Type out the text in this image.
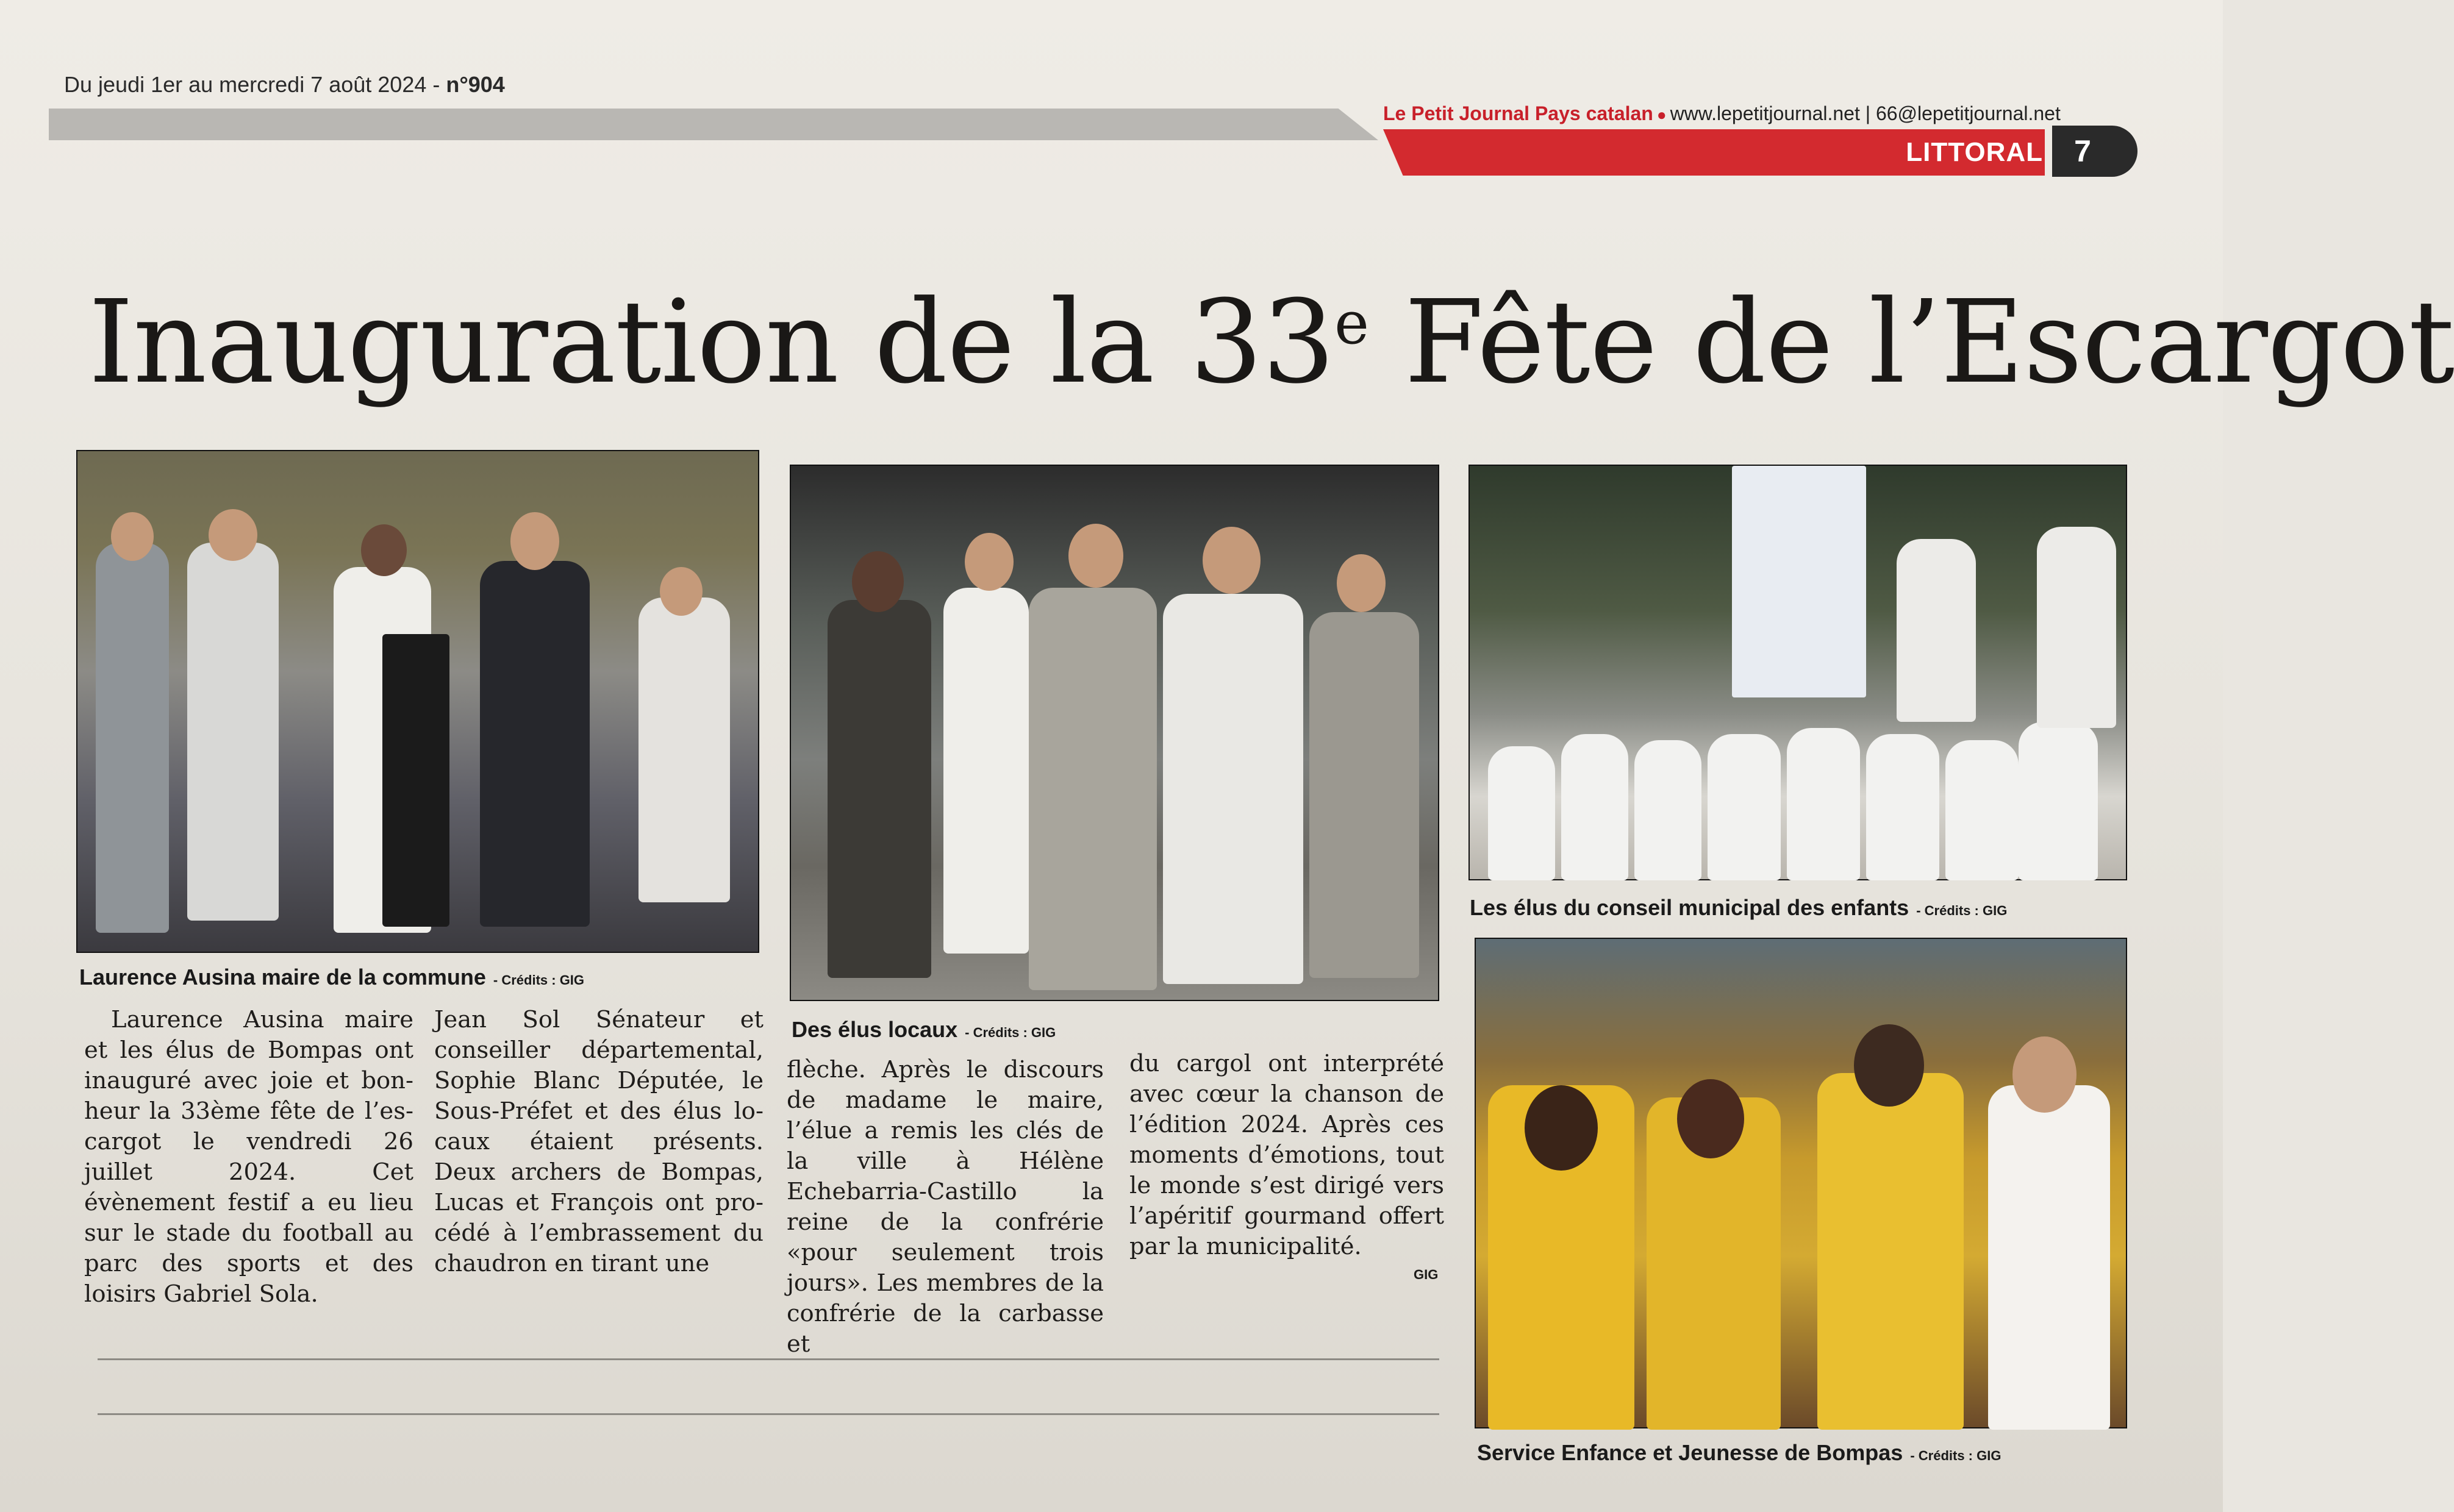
Du jeudi 1er au mercredi 7 août 2024 - n°904
Le Petit Journal Pays catalan ● www.lepetitjournal.net | 66@lepetitjournal.net
LITTORAL	7
Inauguration de la 33e Fête de l’Escargot
Laurence Ausina maire de la commune - Crédits : GIG
Des élus locaux - Crédits : GIG
Les élus du conseil municipal des enfants - Crédits : GIG
Service Enfance et Jeunesse de Bompas - Crédits : GIG

Laurence Ausina maire et les élus de Bompas ont inauguré avec joie et bonheur la 33ème fête de l’escargot le vendredi 26 juillet 2024. Cet évènement festif a eu lieu sur le stade du football au parc des sports et des loisirs Gabriel Sola.

Jean Sol Sénateur et conseiller départemental, Sophie Blanc Députée, le Sous-Préfet et des élus locaux étaient présents. Deux archers de Bompas, Lucas et François ont procédé à l’embrassement du chaudron en tirant une
flèche. Après le discours de madame le maire, l’élue a remis les clés de la ville à Hélène Echebarria-Castillo la reine de la confrérie «pour seulement trois jours». Les membres de la confrérie de la carbasse et
du cargol ont interprété avec cœur la chanson de l’édition 2024. Après ces moments d’émotions, tout le monde s’est dirigé vers l’apéritif gourmand offert par la municipalité.
GIG
